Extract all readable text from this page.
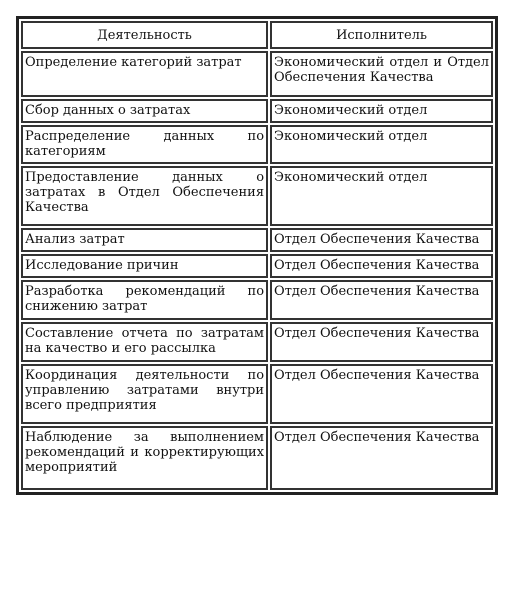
Деятельность	Исполнитель
Определение категорий затрат	Экономический отдел и Отдел Обеспечения Качества
Сбор данных о затратах	Экономический отдел
Распределение данных по категориям	Экономический отдел
Предоставление данных о затратах в Отдел Обеспечения Качества	Экономический отдел
Анализ затрат	Отдел Обеспечения Качества
Исследование причин	Отдел Обеспечения Качества
Разработка рекомендаций по снижению затрат	Отдел Обеспечения Качества
Составление отчета по затратам на качество и его рассылка	Отдел Обеспечения Качества
Координация деятельности по управлению затратами внутри всего предприятия	Отдел Обеспечения Качества
Наблюдение за выполнением рекомендаций и корректирующих мероприятий	Отдел Обеспечения Качества
